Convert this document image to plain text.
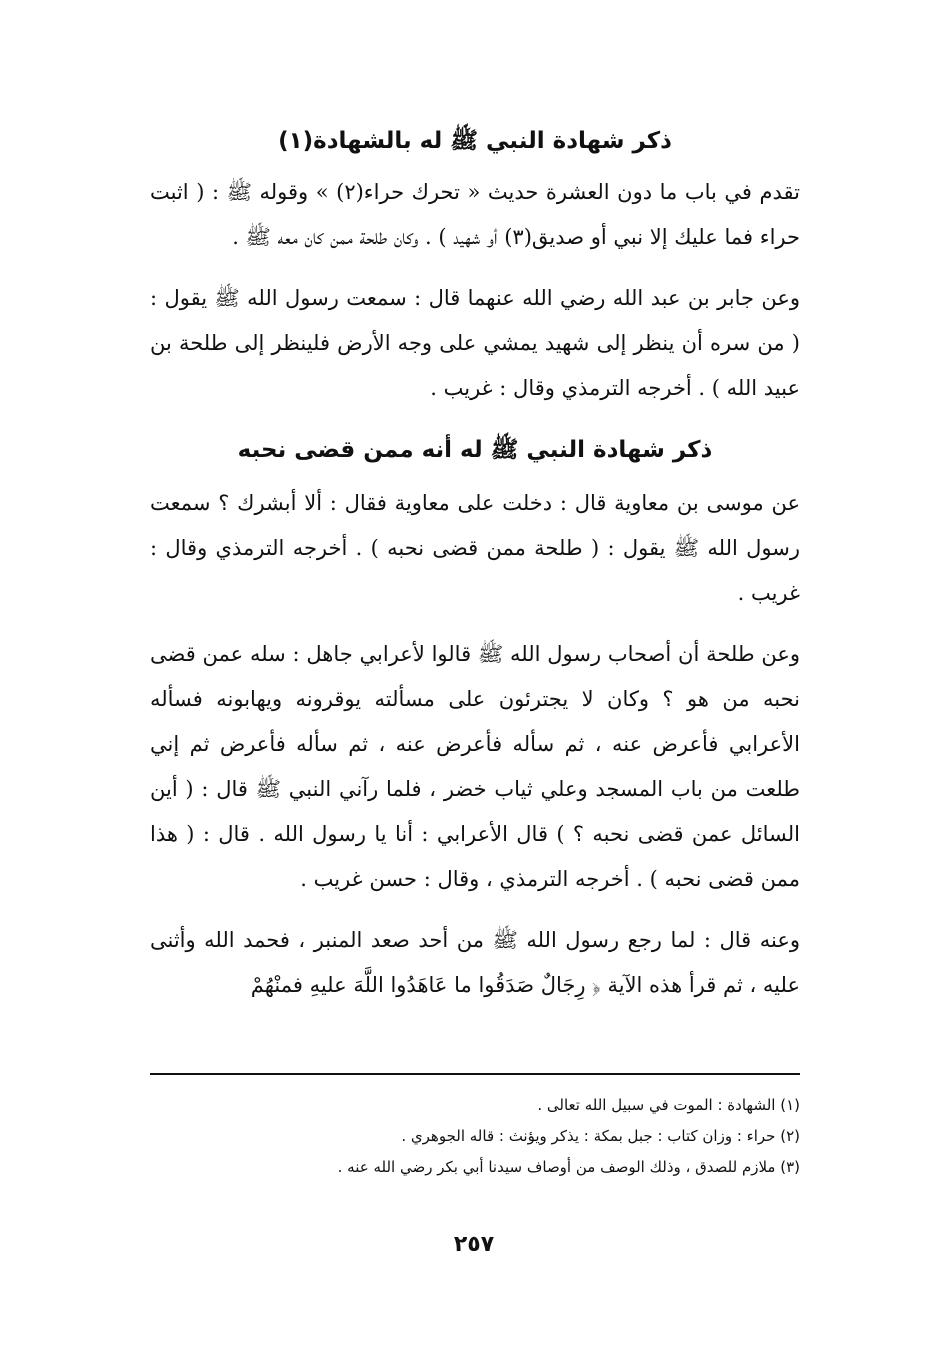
ذكر شهادة النبي ﷺ له بالشهادة(١)

تقدم في باب ما دون العشرة حديث « تحرك حراء(٢) » وقوله ﷺ : ( اثبت حراء فما عليك إلا نبي أو صديق(٣) أو شهيد ) . وكان طلحة ممن كان معه ﷺ .

وعن جابر بن عبد الله رضي الله عنهما قال : سمعت رسول الله ﷺ يقول : ( من سره أن ينظر إلى شهيد يمشي على وجه الأرض فلينظر إلى طلحة بن عبيد الله ) . أخرجه الترمذي وقال : غريب .

ذكر شهادة النبي ﷺ له أنه ممن قضى نحبه

عن موسى بن معاوية قال : دخلت على معاوية فقال : ألا أبشرك ؟ سمعت رسول الله ﷺ يقول : ( طلحة ممن قضى نحبه ) . أخرجه الترمذي وقال : غريب .

وعن طلحة أن أصحاب رسول الله ﷺ قالوا لأعرابي جاهل : سله عمن قضى نحبه من هو ؟ وكان لا يجترئون على مسألته يوقرونه ويهابونه فسأله الأعرابي فأعرض عنه ، ثم سأله فأعرض عنه ، ثم سأله فأعرض ثم إني طلعت من باب المسجد وعلي ثياب خضر ، فلما رآني النبي ﷺ قال : ( أين السائل عمن قضى نحبه ؟ ) قال الأعرابي : أنا يا رسول الله . قال : ( هذا ممن قضى نحبه ) . أخرجه الترمذي ، وقال : حسن غريب .

وعنه قال : لما رجع رسول الله ﷺ من أحد صعد المنبر ، فحمد الله وأثنى عليه ، ثم قرأ هذه الآية ﴿ رِجَالٌ صَدَقُوا ما عَاهَدُوا اللَّهَ عليهِ فمنْهُمْ

(١) الشهادة : الموت في سبيل الله تعالى .

(٢) حراء : وزان كتاب : جبل بمكة : يذكر ويؤنث : قاله الجوهري .

(٣) ملازم للصدق ، وذلك الوصف من أوصاف سيدنا أبي بكر رضي الله عنه .

٢٥٧
